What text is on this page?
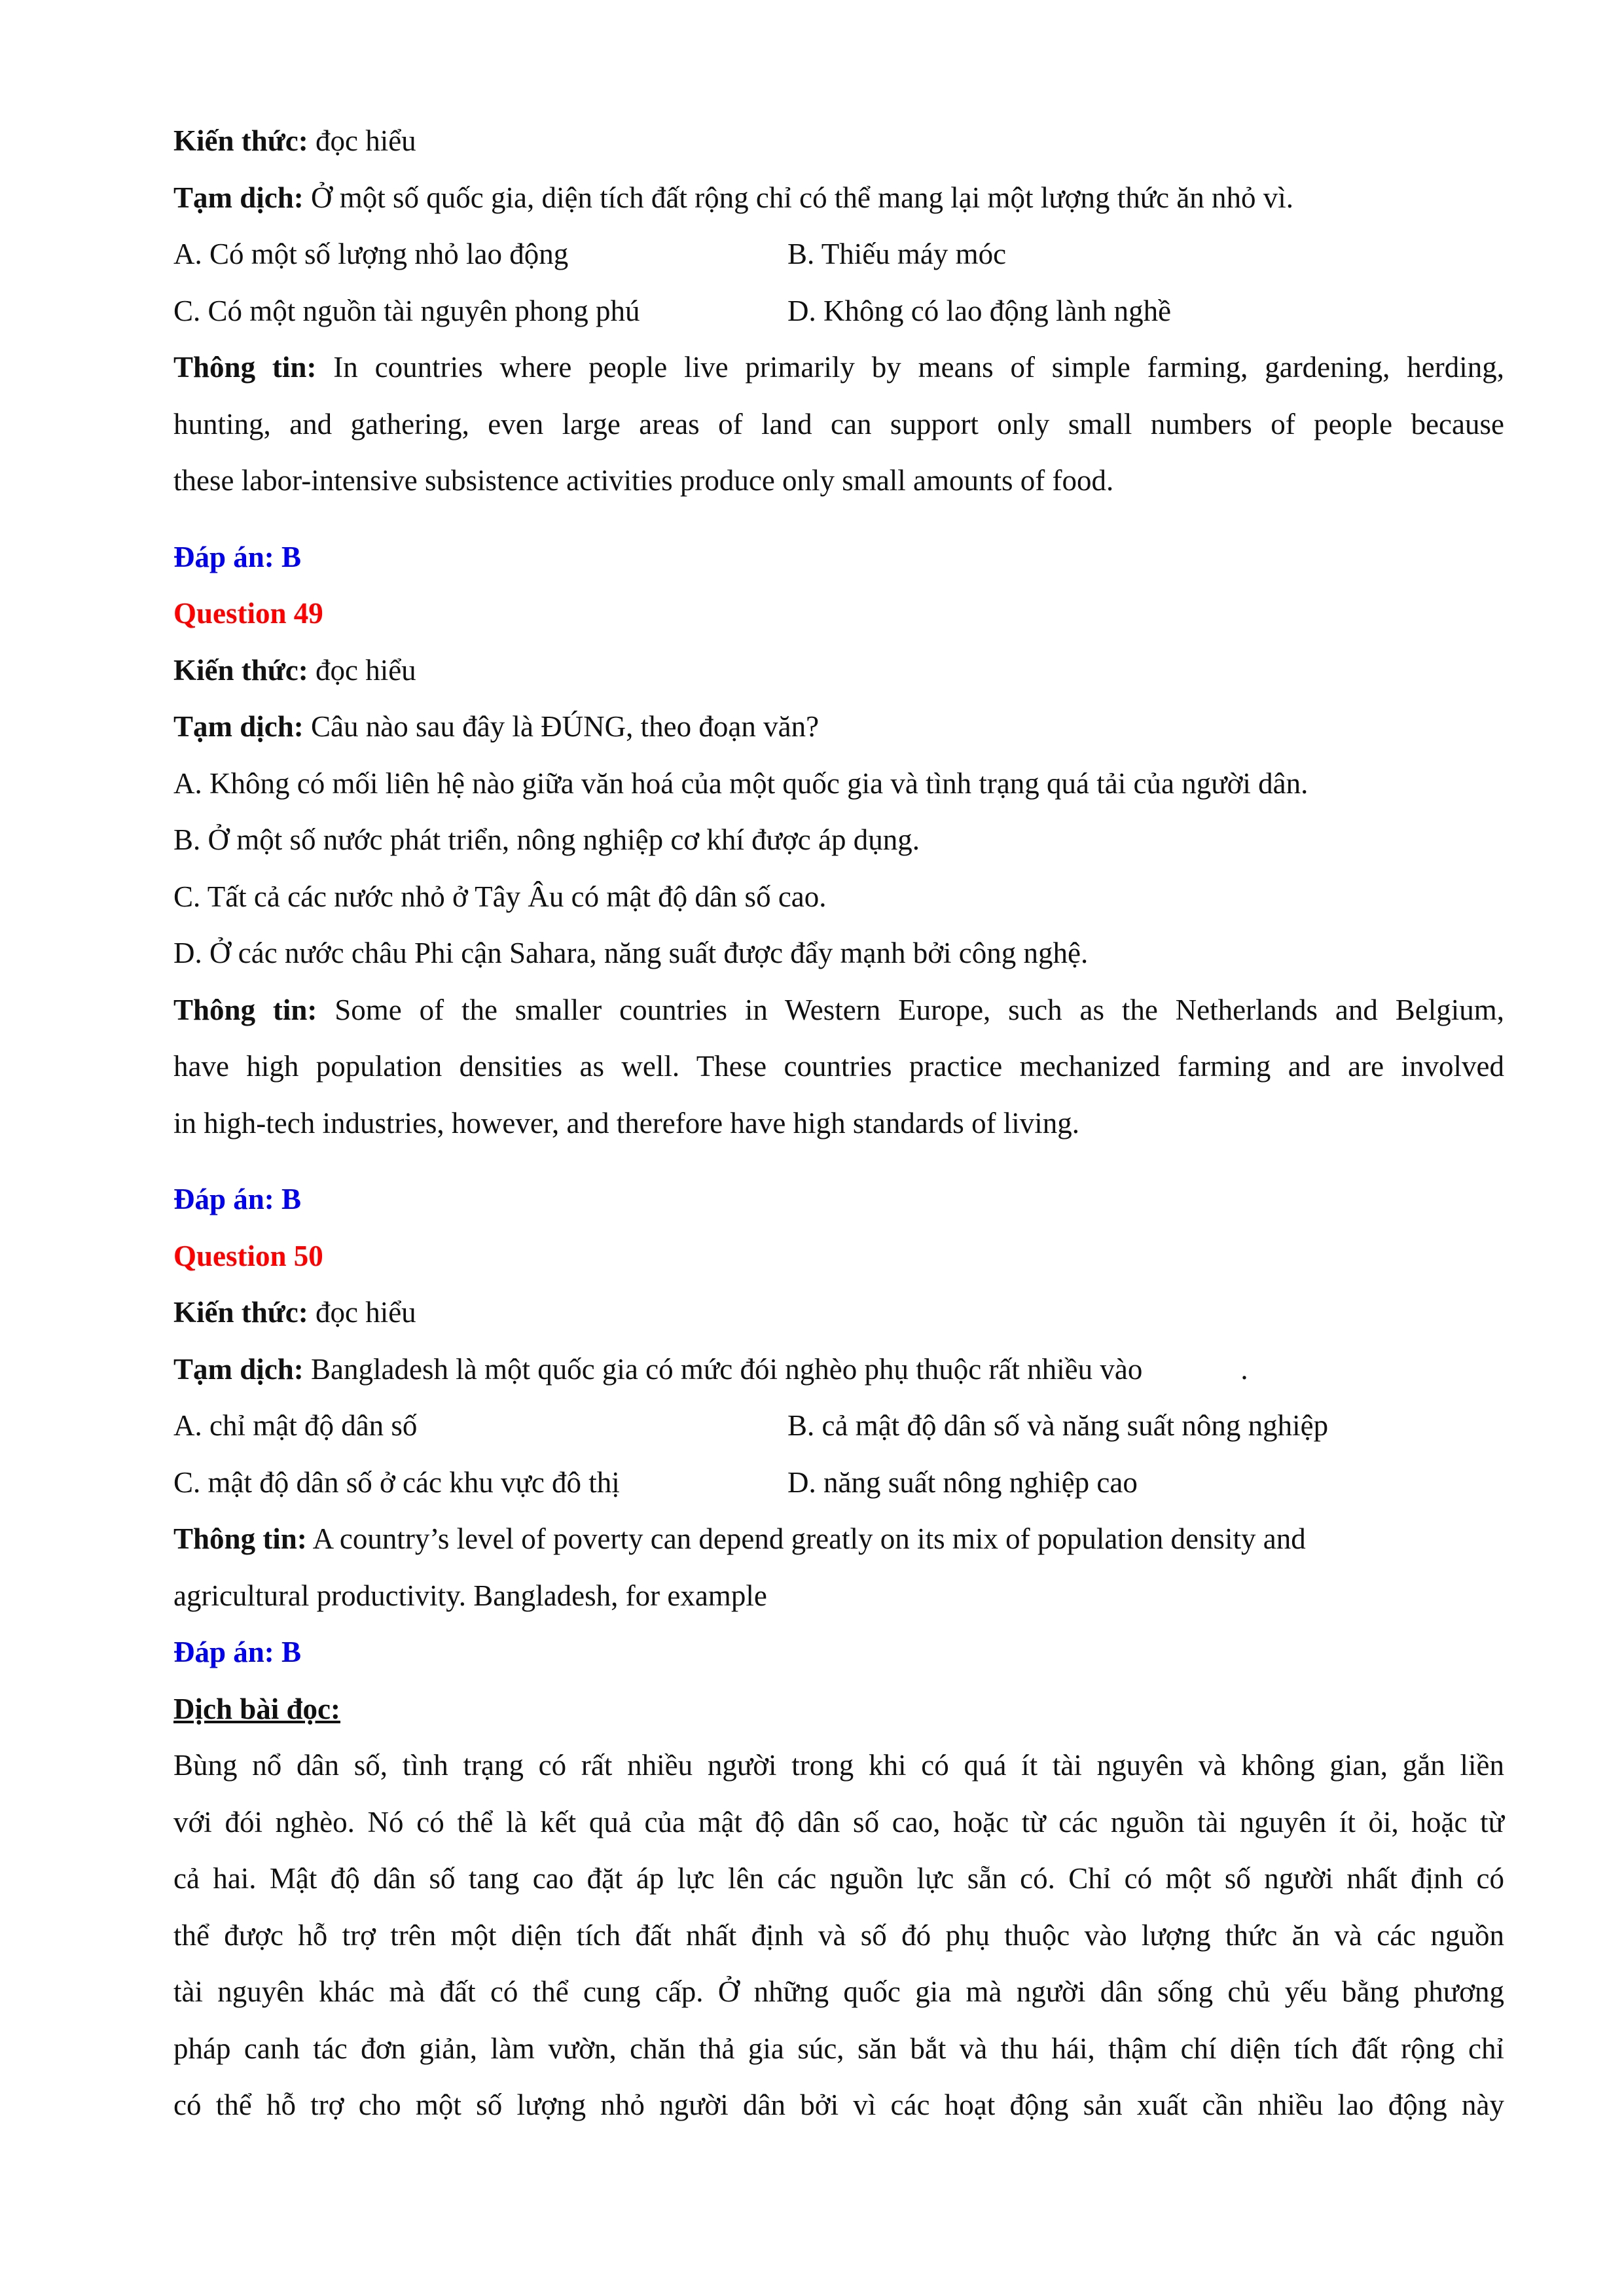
Kiến thức: đọc hiểu
Tạm dịch: Ở một số quốc gia, diện tích đất rộng chỉ có thể mang lại một lượng thức ăn nhỏ vì.
A. Có một số lượng nhỏ lao động	B. Thiếu máy móc
C. Có một nguồn tài nguyên phong phú	D. Không có lao động lành nghề
Thông tin: In countries where people live primarily by means of simple farming, gardening, herding,
hunting, and gathering, even large areas of land can support only small numbers of people because
these labor-intensive subsistence activities produce only small amounts of food.
Đáp án: B
Question 49
Kiến thức: đọc hiểu
Tạm dịch: Câu nào sau đây là ĐÚNG, theo đoạn văn?
A. Không có mối liên hệ nào giữa văn hoá của một quốc gia và tình trạng quá tải của người dân.
B. Ở một số nước phát triển, nông nghiệp cơ khí được áp dụng.
C. Tất cả các nước nhỏ ở Tây Âu có mật độ dân số cao.
D. Ở các nước châu Phi cận Sahara, năng suất được đẩy mạnh bởi công nghệ.
Thông tin: Some of the smaller countries in Western Europe, such as the Netherlands and Belgium,
have high population densities as well. These countries practice mechanized farming and are involved
in high-tech industries, however, and therefore have high standards of living.
Đáp án: B
Question 50
Kiến thức: đọc hiểu
Tạm dịch: Bangladesh là một quốc gia có mức đói nghèo phụ thuộc rất nhiều vào	.
A. chỉ mật độ dân số	B. cả mật độ dân số và năng suất nông nghiệp
C. mật độ dân số ở các khu vực đô thị	D. năng suất nông nghiệp cao
Thông tin: A country’s level of poverty can depend greatly on its mix of population density and
agricultural productivity. Bangladesh, for example
Đáp án: B
Dịch bài đọc:
Bùng nổ dân số, tình trạng có rất nhiều người trong khi có quá ít tài nguyên và không gian, gắn liền
với đói nghèo. Nó có thể là kết quả của mật độ dân số cao, hoặc từ các nguồn tài nguyên ít ỏi, hoặc từ
cả hai. Mật độ dân số tang cao đặt áp lực lên các nguồn lực sẵn có. Chỉ có một số người nhất định có
thể được hỗ trợ trên một diện tích đất nhất định và số đó phụ thuộc vào lượng thức ăn và các nguồn
tài nguyên khác mà đất có thể cung cấp. Ở những quốc gia mà người dân sống chủ yếu bằng phương
pháp canh tác đơn giản, làm vườn, chăn thả gia súc, săn bắt và thu hái, thậm chí diện tích đất rộng chỉ
có thể hỗ trợ cho một số lượng nhỏ người dân bởi vì các hoạt động sản xuất cần nhiều lao động này
